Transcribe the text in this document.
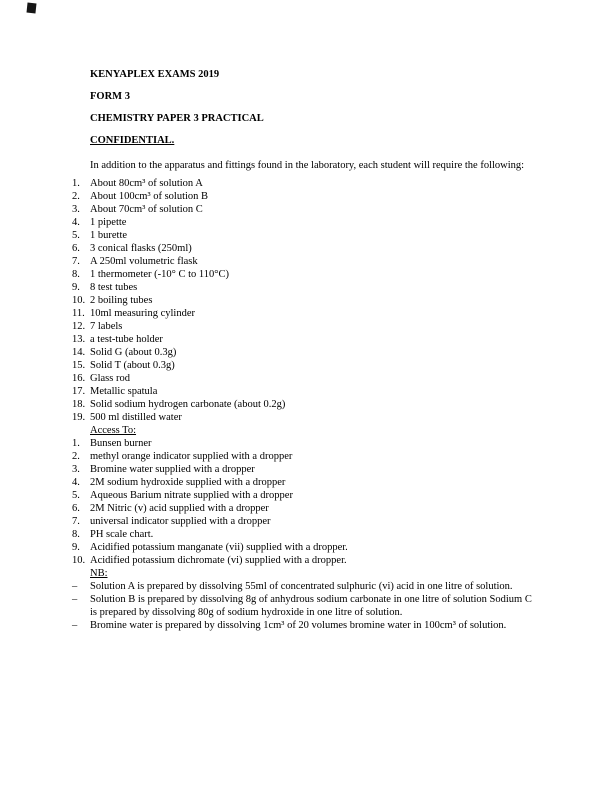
KENYAPLEX EXAMS 2019
FORM 3
CHEMISTRY PAPER 3 PRACTICAL
CONFIDENTIAL.

In addition to the apparatus and fittings found in the laboratory, each student will require the following:

About 80cm³ of solution A
About 100cm³ of solution B
About 70cm³ of solution C
1 pipette
1 burette
3 conical flasks (250ml)
A 250ml volumetric flask
1 thermometer (-10° C to 110°C)
8 test tubes
2 boiling tubes
10ml measuring cylinder
7 labels
a test-tube holder
Solid G (about 0.3g)
Solid T (about 0.3g)
Glass rod
Metallic spatula
Solid sodium hydrogen carbonate (about 0.2g)
500 ml distilled water
Access To:
Bunsen burner
methyl orange indicator supplied with a dropper
Bromine water supplied with a dropper
2M sodium hydroxide supplied with a dropper
Aqueous Barium nitrate supplied with a dropper
2M Nitric (v) acid supplied with a dropper
universal indicator supplied with a dropper
PH scale chart.
Acidified potassium manganate (vii) supplied with a dropper.
Acidified potassium dichromate (vi) supplied with a dropper.
NB:
– Solution A is prepared by dissolving 55ml of concentrated sulphuric (vi) acid in one litre of solution.
– Solution B is prepared by dissolving 8g of anhydrous sodium carbonate in one litre of solution Sodium C is prepared by dissolving 80g of sodium hydroxide in one litre of solution.
– Bromine water is prepared by dissolving 1cm³ of 20 volumes bromine water in 100cm³ of solution.
